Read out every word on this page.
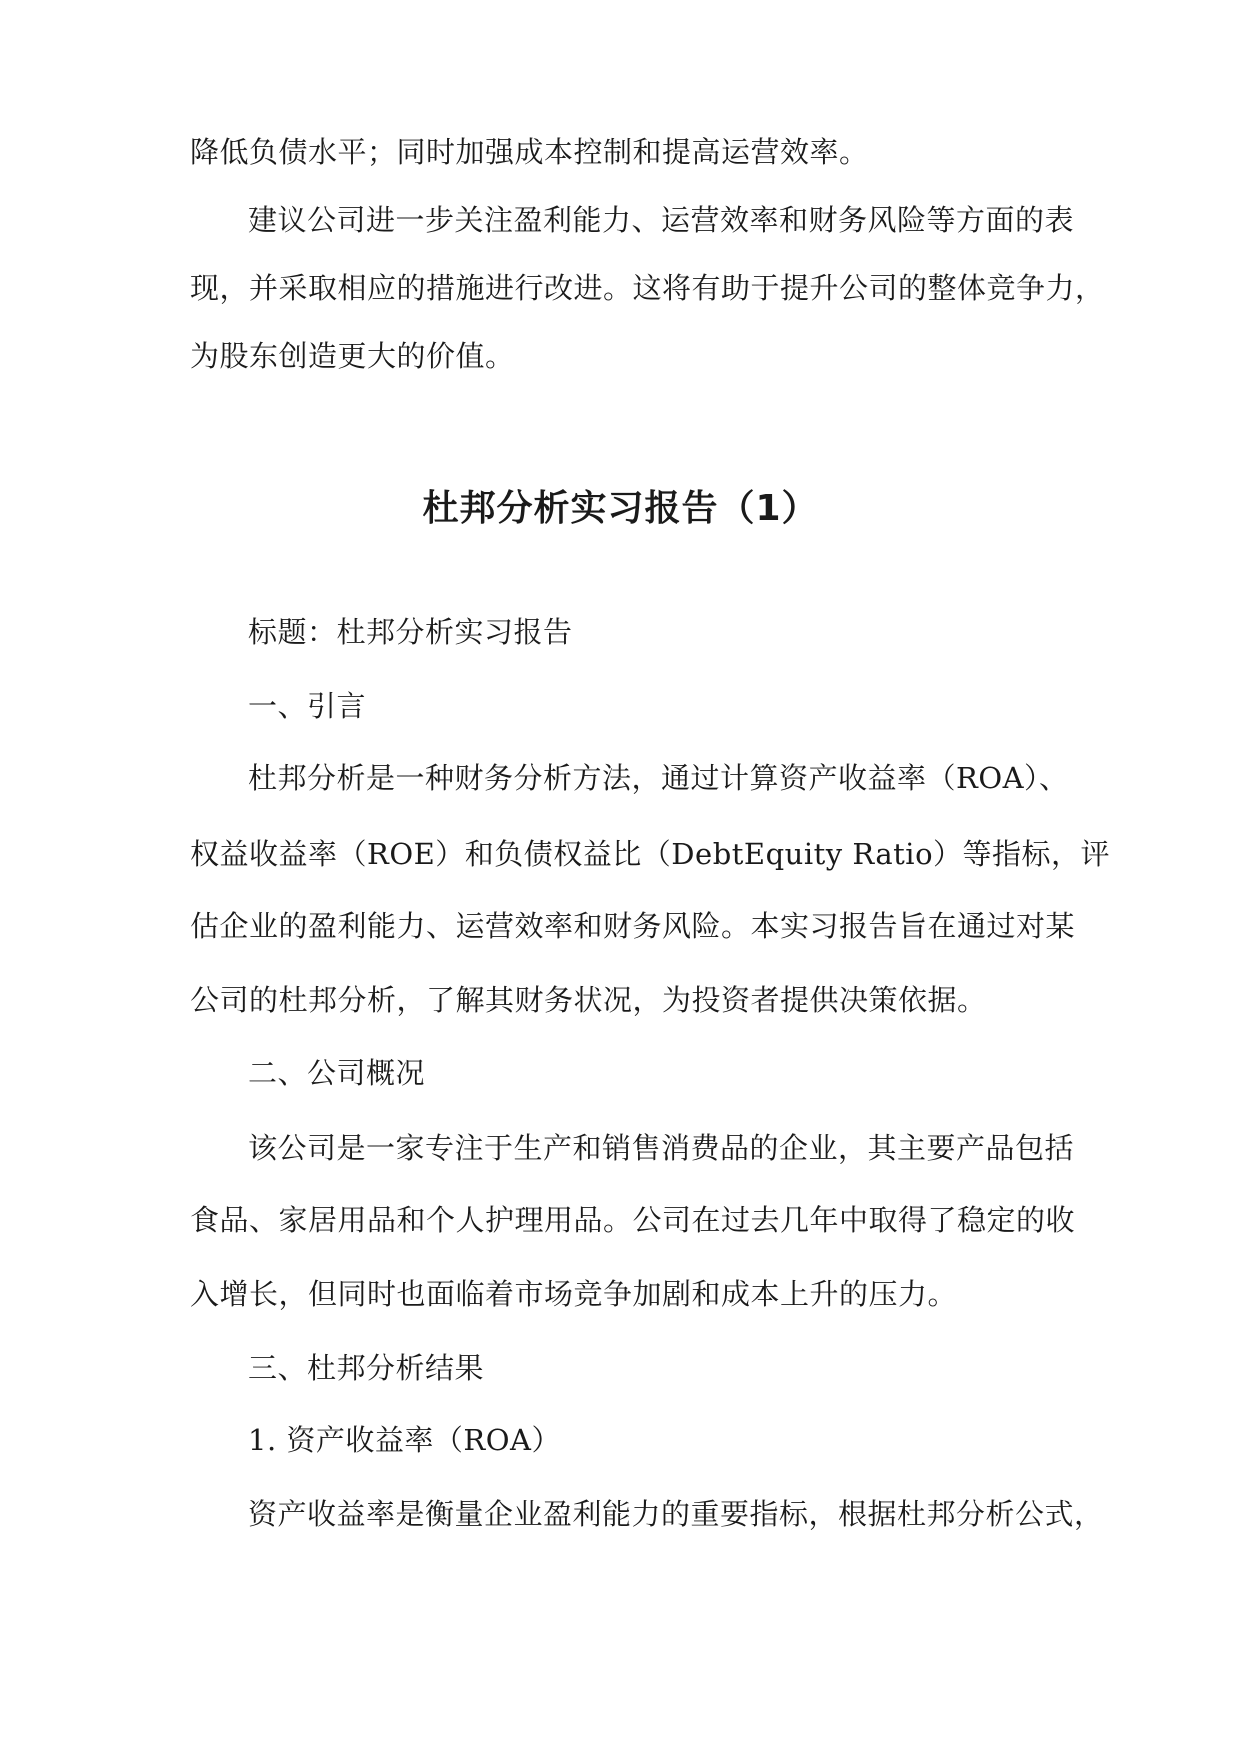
降低负债水平；同时加强成本控制和提高运营效率。
建议公司进一步关注盈利能力、运营效率和财务风险等方面的表
现，并采取相应的措施进行改进。这将有助于提升公司的整体竞争力，
为股东创造更大的价值。
杜邦分析实习报告（1）
标题：杜邦分析实习报告
一、引言
杜邦分析是一种财务分析方法，通过计算资产收益率（ROA）、
权益收益率（ROE）和负债权益比（DebtEquity Ratio）等指标，评
估企业的盈利能力、运营效率和财务风险。本实习报告旨在通过对某
公司的杜邦分析，了解其财务状况，为投资者提供决策依据。
二、公司概况
该公司是一家专注于生产和销售消费品的企业，其主要产品包括
食品、家居用品和个人护理用品。公司在过去几年中取得了稳定的收
入增长，但同时也面临着市场竞争加剧和成本上升的压力。
三、杜邦分析结果
1. 资产收益率（ROA）
资产收益率是衡量企业盈利能力的重要指标，根据杜邦分析公式，
